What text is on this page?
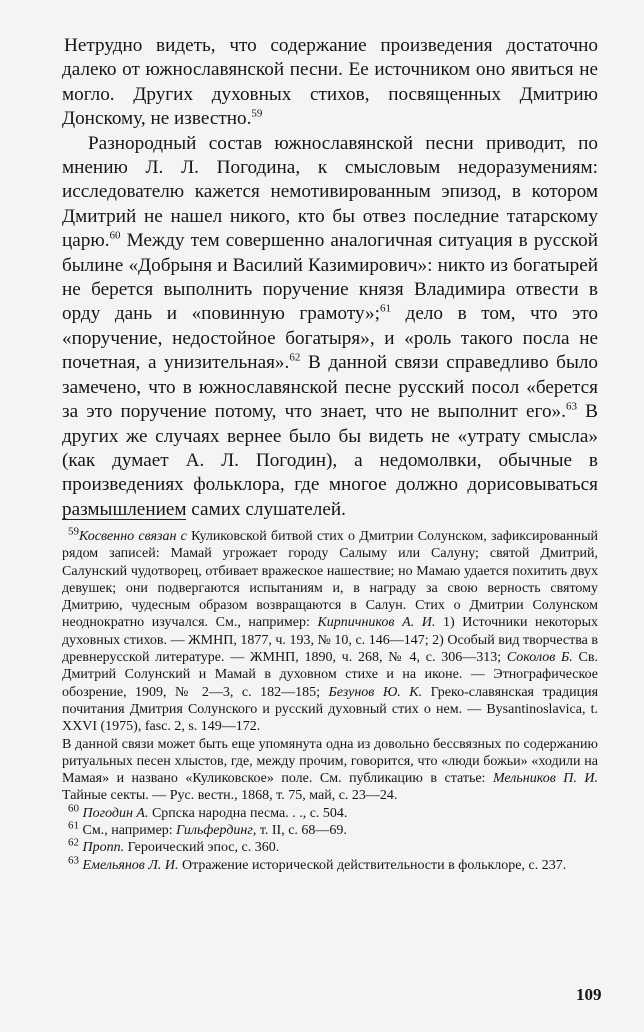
Нетрудно видеть, что содержание произведения достаточно далеко от южнославянской песни. Ее источником оно явиться не могло. Других духовных стихов, посвященных Дмитрию Донскому, не известно.$^{59}$

Разнородный состав южнославянской песни приводит, по мнению Л. Л. Погодина, к смысловым недоразумениям: исследователю кажется немотивированным эпизод, в котором Дмитрий не нашел никого, кто бы отвез последние татарскому царю.$^{60}$ Между тем совершенно аналогичная ситуация в русской былине «Добрыня и Василий Казимирович»: никто из богатырей не берется выполнить поручение князя Владимира отвести в орду дань и «повинную грамоту»;$^{61}$ дело в том, что это «поручение, недостойное богатыря», и «роль такого посла не почетная, а унизительная».$^{62}$ В данной связи справедливо было замечено, что в южнославянской песне русский посол «берется за это поручение потому, что знает, что не выполнит его».$^{63}$ В других же случаях вернее было бы видеть не «утрату смысла» (как думает А. Л. Погодин), а недомолвки, обычные в произведениях фольклора, где многое должно дорисовываться размышлением самих слушателей.

$^{59}$Косвенно связан с Куликовской битвой стих о Дмитрии Солунском, зафиксированный рядом записей: Мамай угрожает городу Салыму или Салуну; святой Дмитрий, Салунский чудотворец, отбивает вражеское нашествие; но Мамаю удается похитить двух девушек; они подвергаются испытаниям и, в награду за свою верность святому Дмитрию, чудесным образом возвращаются в Салун. Стих о Дмитрии Солунском неоднократно изучался. См., например: Кирпичников А. И. 1) Источники некоторых духовных стихов. — ЖМНП, 1877, ч. 193, № 10, с. 146—147; 2) Особый вид творчества в древнерусской литературе. — ЖМНП, 1890, ч. 268, № 4, с. 306—313; Соколов Б. Св. Дмитрий Солунский и Мамай в духовном стихе и на иконе. — Этнографическое обозрение, 1909, № 2—3, с. 182—185; Безунов Ю. К. Греко-славянская традиция почитания Дмитрия Солунского и русский духовный стих о нем. — Bysantinoslavica, t. XXVI (1975), fasc. 2, s. 149—172.

В данной связи может быть еще упомянута одна из довольно бессвязных по содержанию ритуальных песен хлыстов, где, между прочим, говорится, что «люди божьи» «ходили на Мамая» и названо «Куликовское» поле. См. публикацию в статье: Мельников П. И. Тайные секты. — Рус. вестн., 1868, т. 75, май, с. 23—24.

$^{60}$ Погодин А. Српска народна песма. . ., с. 504.

$^{61}$ См., например: Гильфердинг, т. II, с. 68—69.

$^{62}$ Пропп. Героический эпос, с. 360.

$^{63}$ Емельянов Л. И. Отражение исторической действительности в фольклоре, с. 237.

109
